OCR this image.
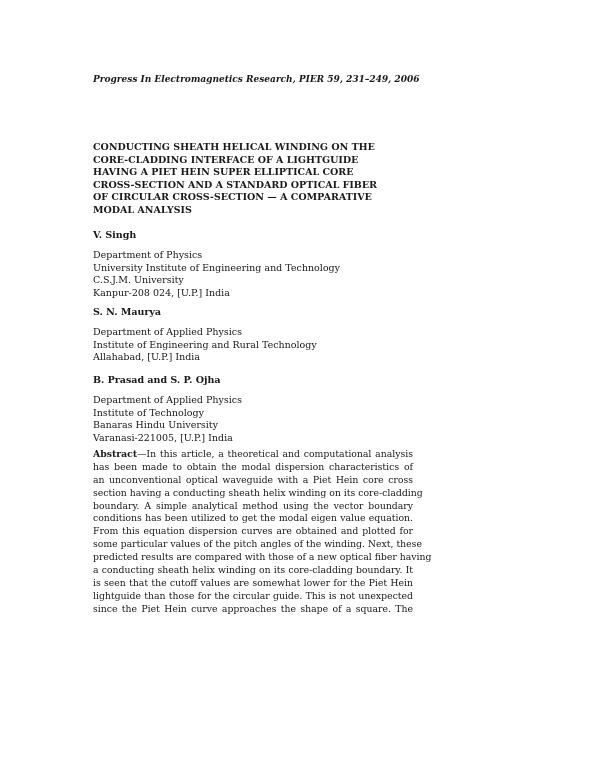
Progress In Electromagnetics Research, PIER 59, 231–249, 2006
CONDUCTING SHEATH HELICAL WINDING ON THE
CORE-CLADDING INTERFACE OF A LIGHTGUIDE
HAVING A PIET HEIN SUPER ELLIPTICAL CORE
CROSS-SECTION AND A STANDARD OPTICAL FIBER
OF CIRCULAR CROSS-SECTION — A COMPARATIVE
MODAL ANALYSIS
V. Singh
Department of Physics
University Institute of Engineering and Technology
C.S.J.M. University
Kanpur-208 024, [U.P.] India
S. N. Maurya
Department of Applied Physics
Institute of Engineering and Rural Technology
Allahabad, [U.P.] India
B. Prasad and S. P. Ojha
Department of Applied Physics
Institute of Technology
Banaras Hindu University
Varanasi-221005, [U.P.] India
Abstract—In this article, a theoretical and computational analysis
has been made to obtain the modal dispersion characteristics of
an unconventional optical waveguide with a Piet Hein core cross
section having a conducting sheath helix winding on its core-cladding
boundary. A simple analytical method using the vector boundary
conditions has been utilized to get the modal eigen value equation.
From this equation dispersion curves are obtained and plotted for
some particular values of the pitch angles of the winding. Next, these
predicted results are compared with those of a new optical fiber having
a conducting sheath helix winding on its core-cladding boundary. It
is seen that the cutoff values are somewhat lower for the Piet Hein
lightguide than those for the circular guide. This is not unexpected
since the Piet Hein curve approaches the shape of a square. The
